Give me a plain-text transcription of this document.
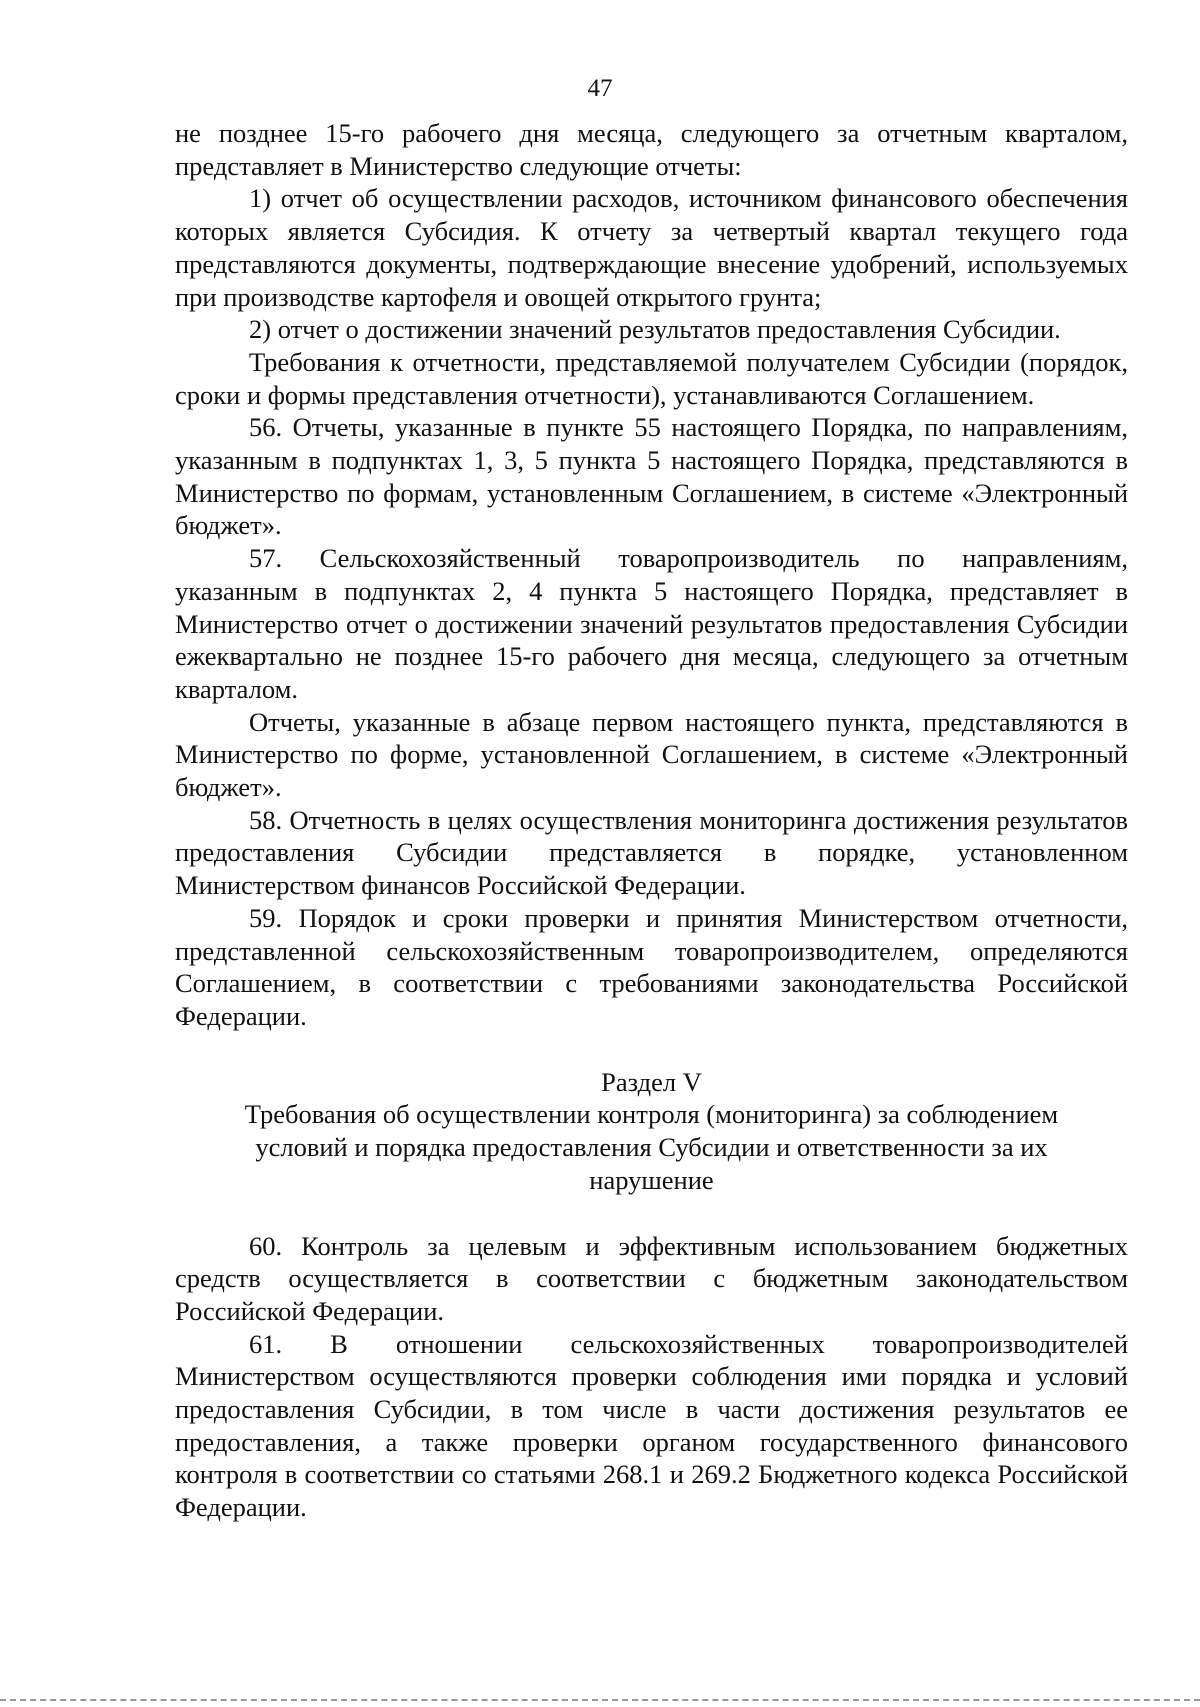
47

не позднее 15-го рабочего дня месяца, следующего за отчетным кварталом, представляет в Министерство следующие отчеты:

1) отчет об осуществлении расходов, источником финансового обеспечения которых является Субсидия. К отчету за четвертый квартал текущего года представляются документы, подтверждающие внесение удобрений, используемых при производстве картофеля и овощей открытого грунта;

2) отчет о достижении значений результатов предоставления Субсидии.

Требования к отчетности, представляемой получателем Субсидии (порядок, сроки и формы представления отчетности), устанавливаются Соглашением.

56. Отчеты, указанные в пункте 55 настоящего Порядка, по направлениям, указанным в подпунктах 1, 3, 5 пункта 5 настоящего Порядка, представляются в Министерство по формам, установленным Соглашением, в системе «Электронный бюджет».

57. Сельскохозяйственный товаропроизводитель по направлениям, указанным в подпунктах 2, 4 пункта 5 настоящего Порядка, представляет в Министерство отчет о достижении значений результатов предоставления Субсидии ежеквартально не позднее 15-го рабочего дня месяца, следующего за отчетным кварталом.

Отчеты, указанные в абзаце первом настоящего пункта, представляются в Министерство по форме, установленной Соглашением, в системе «Электронный бюджет».

58. Отчетность в целях осуществления мониторинга достижения результатов предоставления Субсидии представляется в порядке, установленном Министерством финансов Российской Федерации.

59. Порядок и сроки проверки и принятия Министерством отчетности, представленной сельскохозяйственным товаропроизводителем, определяются Соглашением, в соответствии с требованиями законодательства Российской Федерации.

Раздел V
Требования об осуществлении контроля (мониторинга) за соблюдением условий и порядка предоставления Субсидии и ответственности за их нарушение

60. Контроль за целевым и эффективным использованием бюджетных средств осуществляется в соответствии с бюджетным законодательством Российской Федерации.

61. В отношении сельскохозяйственных товаропроизводителей Министерством осуществляются проверки соблюдения ими порядка и условий предоставления Субсидии, в том числе в части достижения результатов ее предоставления, а также проверки органом государственного финансового контроля в соответствии со статьями 268.1 и 269.2 Бюджетного кодекса Российской Федерации.
